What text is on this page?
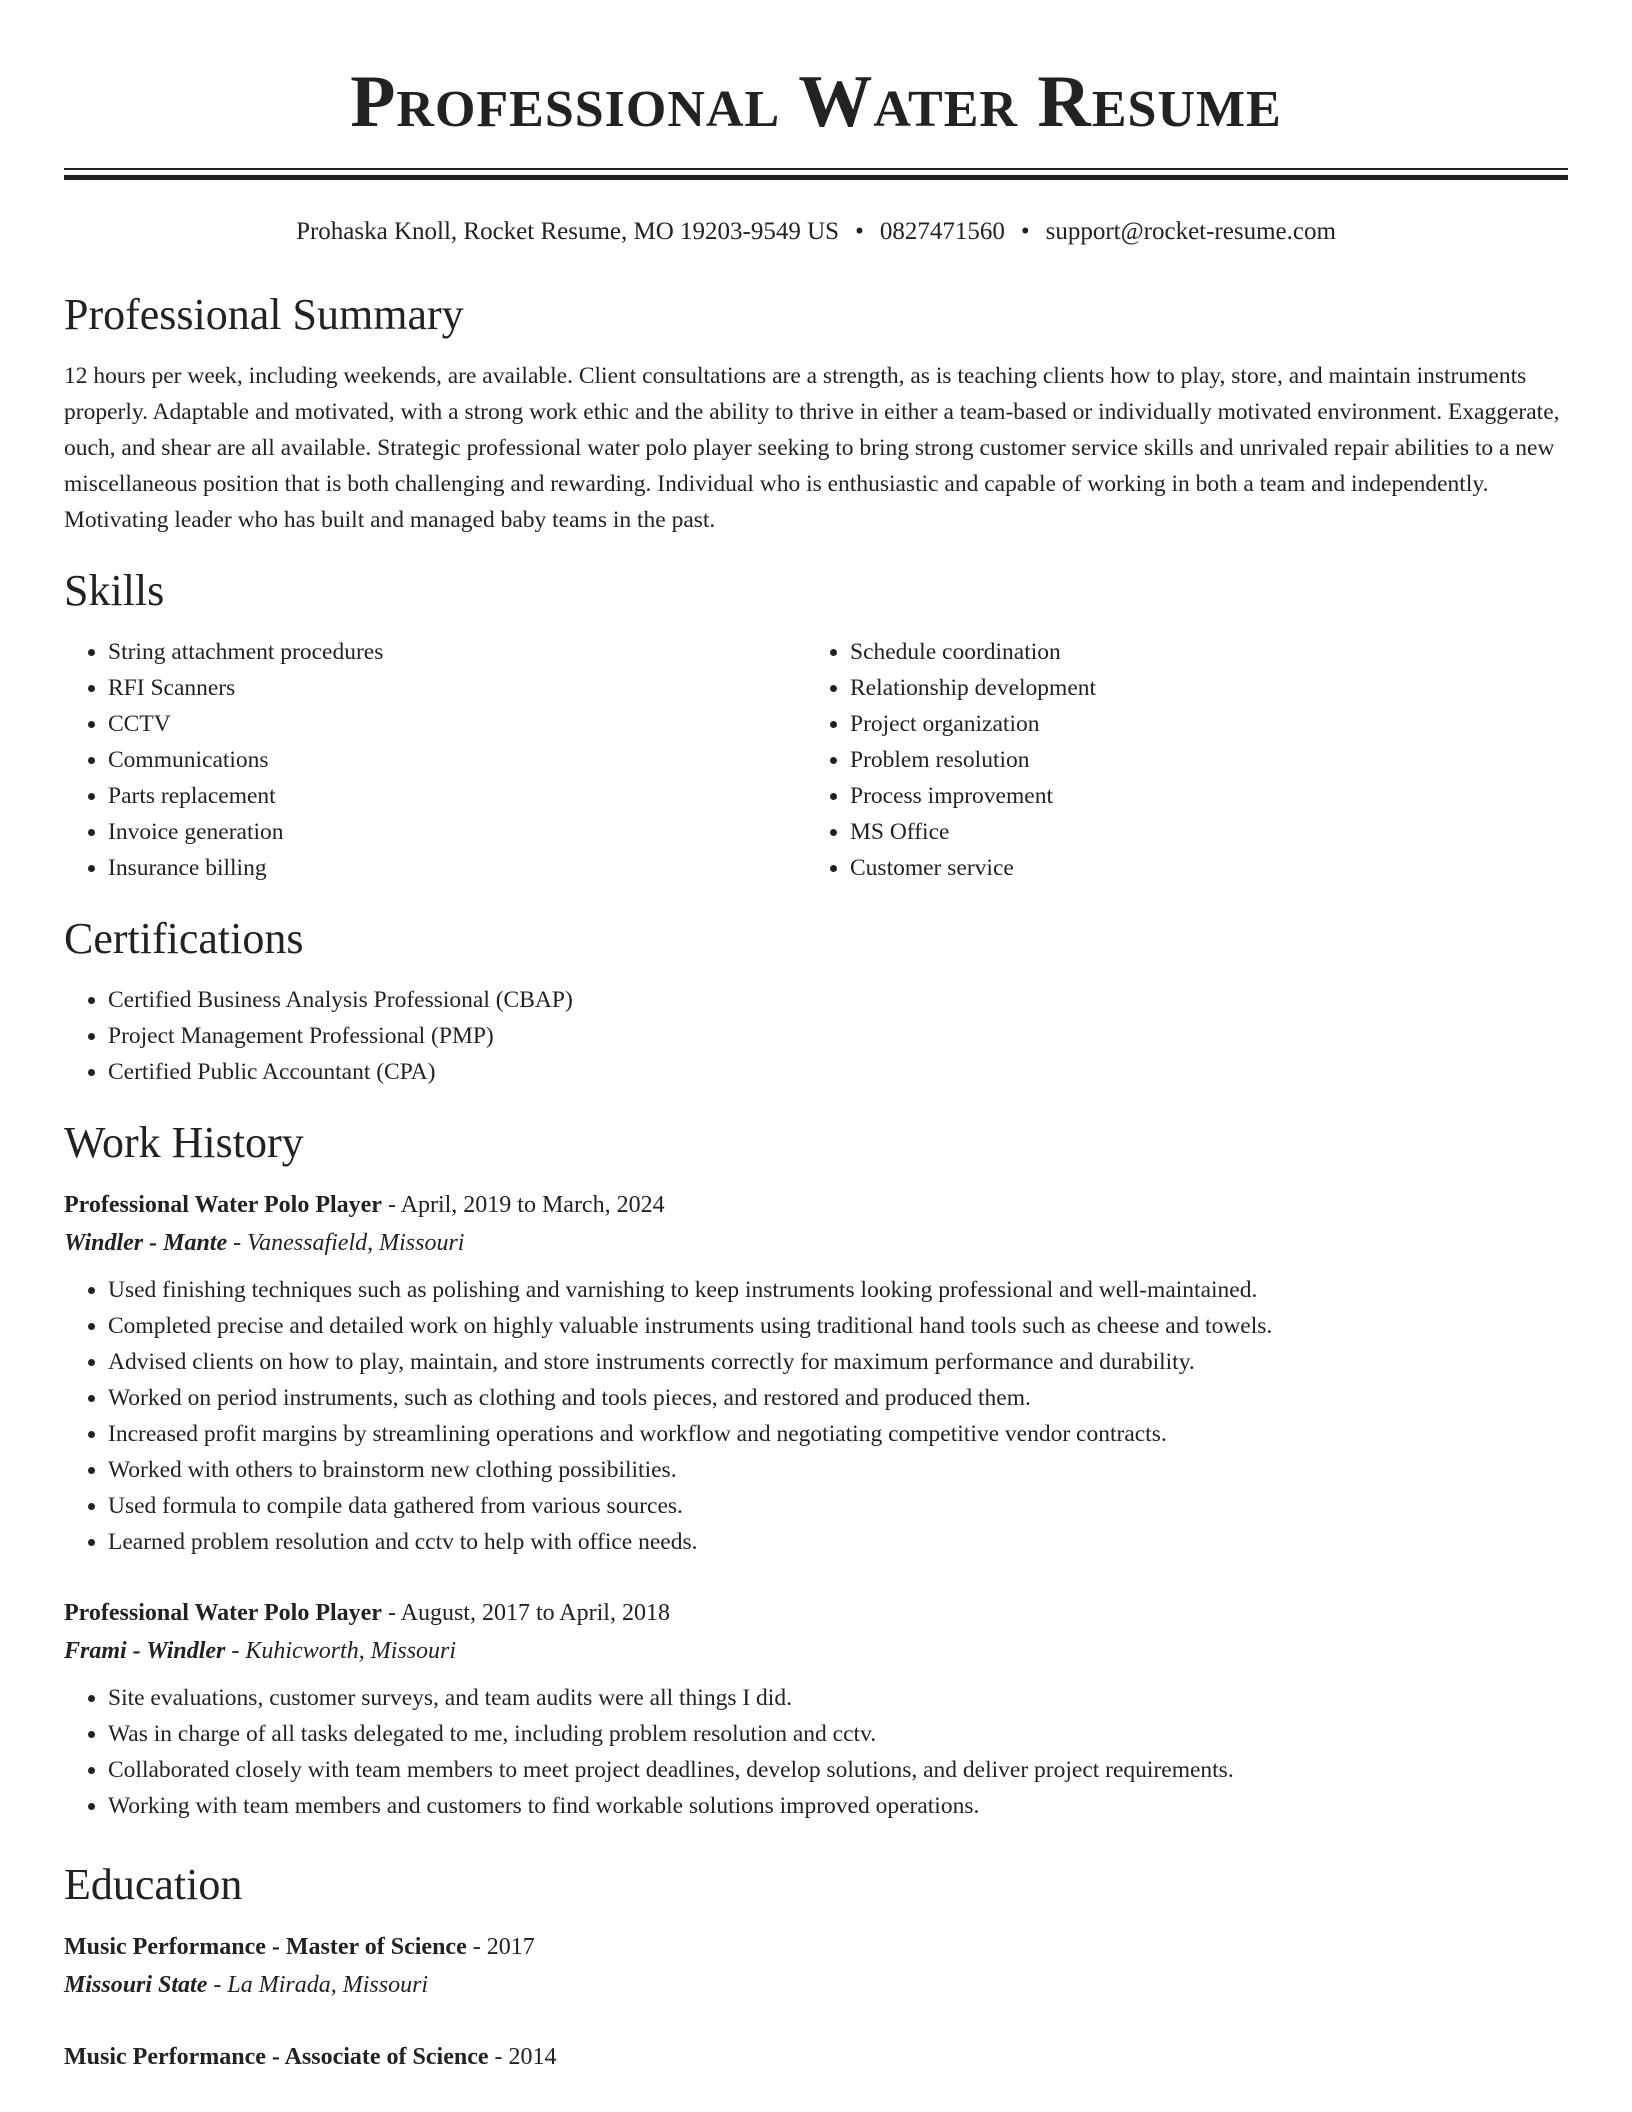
Professional Water Resume
Prohaska Knoll, Rocket Resume, MO 19203-9549 US • 0827471560 • support@rocket-resume.com
Professional Summary

12 hours per week, including weekends, are available. Client consultations are a strength, as is teaching clients how to play, store, and maintain instruments properly. Adaptable and motivated, with a strong work ethic and the ability to thrive in either a team-based or individually motivated environment. Exaggerate, ouch, and shear are all available. Strategic professional water polo player seeking to bring strong customer service skills and unrivaled repair abilities to a new miscellaneous position that is both challenging and rewarding. Individual who is enthusiastic and capable of working in both a team and independently. Motivating leader who has built and managed baby teams in the past.

Skills
• String attachment procedures
• RFI Scanners
• CCTV
• Communications
• Parts replacement
• Invoice generation
• Insurance billing
• Schedule coordination
• Relationship development
• Project organization
• Problem resolution
• Process improvement
• MS Office
• Customer service
Certifications
• Certified Business Analysis Professional (CBAP)
• Project Management Professional (PMP)
• Certified Public Accountant (CPA)
Work History
Professional Water Polo Player - April, 2019 to March, 2024
Windler - Mante - Vanessafield, Missouri
• Used finishing techniques such as polishing and varnishing to keep instruments looking professional and well-maintained.
• Completed precise and detailed work on highly valuable instruments using traditional hand tools such as cheese and towels.
• Advised clients on how to play, maintain, and store instruments correctly for maximum performance and durability.
• Worked on period instruments, such as clothing and tools pieces, and restored and produced them.
• Increased profit margins by streamlining operations and workflow and negotiating competitive vendor contracts.
• Worked with others to brainstorm new clothing possibilities.
• Used formula to compile data gathered from various sources.
• Learned problem resolution and cctv to help with office needs.
Professional Water Polo Player - August, 2017 to April, 2018
Frami - Windler - Kuhicworth, Missouri
• Site evaluations, customer surveys, and team audits were all things I did.
• Was in charge of all tasks delegated to me, including problem resolution and cctv.
• Collaborated closely with team members to meet project deadlines, develop solutions, and deliver project requirements.
• Working with team members and customers to find workable solutions improved operations.
Education
Music Performance - Master of Science - 2017
Missouri State - La Mirada, Missouri
Music Performance - Associate of Science - 2014
